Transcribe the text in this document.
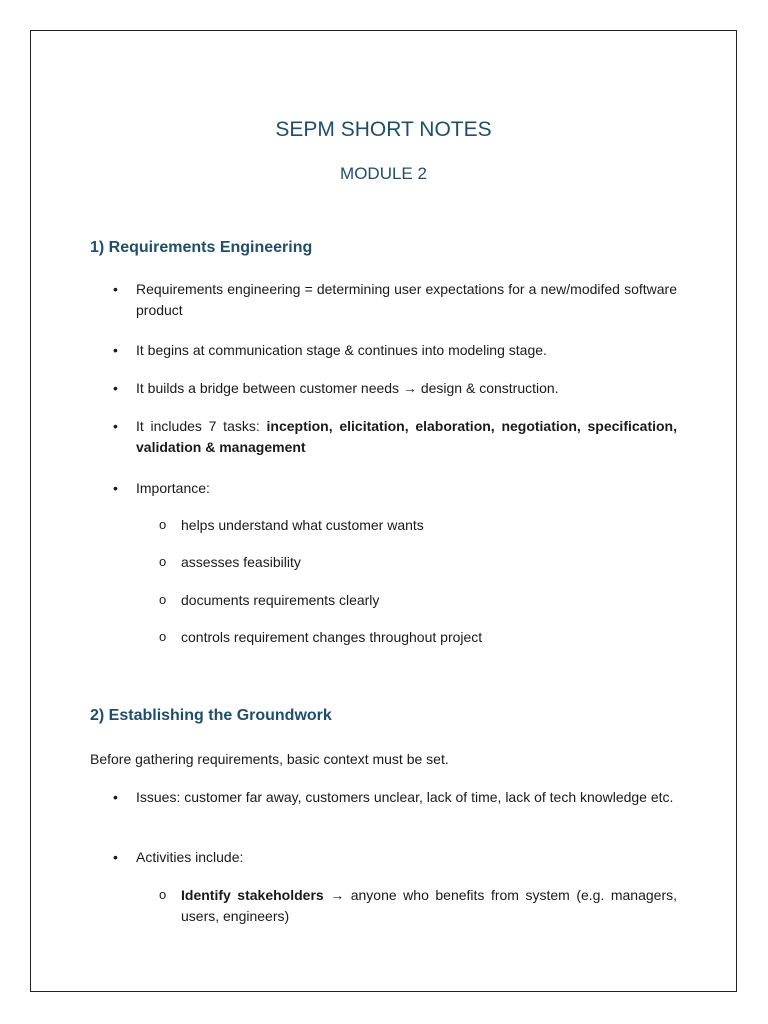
SEPM SHORT NOTES
MODULE 2
1) Requirements Engineering
• Requirements engineering = determining user expectations for a new/modifed software product
• It begins at communication stage & continues into modeling stage.
• It builds a bridge between customer needs → design & construction.
• It includes 7 tasks: inception, elicitation, elaboration, negotiation, specification, validation & management
• Importance:
o helps understand what customer wants
o assesses feasibility
o documents requirements clearly
o controls requirement changes throughout project
2) Establishing the Groundwork
Before gathering requirements, basic context must be set.
• Issues: customer far away, customers unclear, lack of time, lack of tech knowledge etc.
• Activities include:
o Identify stakeholders → anyone who benefits from system (e.g. managers, users, engineers)
